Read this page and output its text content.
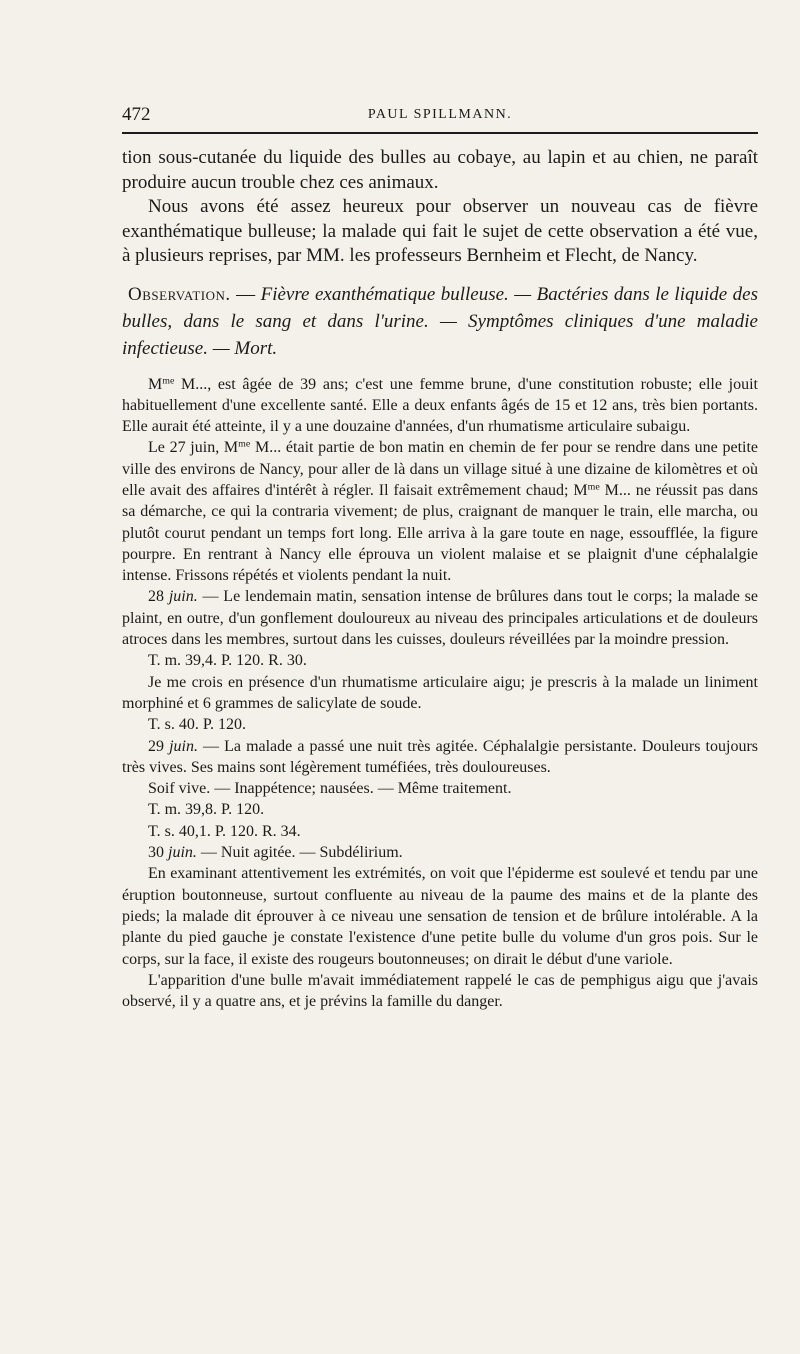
472	PAUL SPILLMANN.

tion sous-cutanée du liquide des bulles au cobaye, au lapin et au chien, ne paraît produire aucun trouble chez ces animaux.

Nous avons été assez heureux pour observer un nouveau cas de fièvre exanthématique bulleuse; la malade qui fait le sujet de cette observation a été vue, à plusieurs reprises, par MM. les professeurs Bernheim et Flecht, de Nancy.

Observation. — Fièvre exanthématique bulleuse. — Bactéries dans le liquide des bulles, dans le sang et dans l'urine. — Symptômes cliniques d'une maladie infectieuse. — Mort.

$M^{me}$ M..., est âgée de 39 ans; c'est une femme brune, d'une constitution robuste; elle jouit habituellement d'une excellente santé. Elle a deux enfants âgés de 15 et 12 ans, très bien portants. Elle aurait été atteinte, il y a une douzaine d'années, d'un rhumatisme articulaire subaigu.

Le 27 juin, $M^{me}$ M... était partie de bon matin en chemin de fer pour se rendre dans une petite ville des environs de Nancy, pour aller de là dans un village situé à une dizaine de kilomètres et où elle avait des affaires d'intérêt à régler. Il faisait extrêmement chaud; $M^{me}$ M... ne réussit pas dans sa démarche, ce qui la contraria vivement; de plus, craignant de manquer le train, elle marcha, ou plutôt courut pendant un temps fort long. Elle arriva à la gare toute en nage, essoufflée, la figure pourpre. En rentrant à Nancy elle éprouva un violent malaise et se plaignit d'une céphalalgie intense. Frissons répétés et violents pendant la nuit.

28 juin. — Le lendemain matin, sensation intense de brûlures dans tout le corps; la malade se plaint, en outre, d'un gonflement douloureux au niveau des principales articulations et de douleurs atroces dans les membres, surtout dans les cuisses, douleurs réveillées par la moindre pression.

T. m. 39,4. P. 120. R. 30.

Je me crois en présence d'un rhumatisme articulaire aigu; je prescris à la malade un liniment morphiné et 6 grammes de salicylate de soude.

T. s. 40. P. 120.

29 juin. — La malade a passé une nuit très agitée. Céphalalgie persistante. Douleurs toujours très vives. Ses mains sont légèrement tuméfiées, très douloureuses.

Soif vive. — Inappétence; nausées. — Même traitement.

T. m. 39,8. P. 120.

T. s. 40,1. P. 120. R. 34.

30 juin. — Nuit agitée. — Subdélirium.

En examinant attentivement les extrémités, on voit que l'épiderme est soulevé et tendu par une éruption boutonneuse, surtout confluente au niveau de la paume des mains et de la plante des pieds; la malade dit éprouver à ce niveau une sensation de tension et de brûlure intolérable. A la plante du pied gauche je constate l'existence d'une petite bulle du volume d'un gros pois. Sur le corps, sur la face, il existe des rougeurs boutonneuses; on dirait le début d'une variole.

L'apparition d'une bulle m'avait immédiatement rappelé le cas de pemphigus aigu que j'avais observé, il y a quatre ans, et je prévins la famille du danger.
